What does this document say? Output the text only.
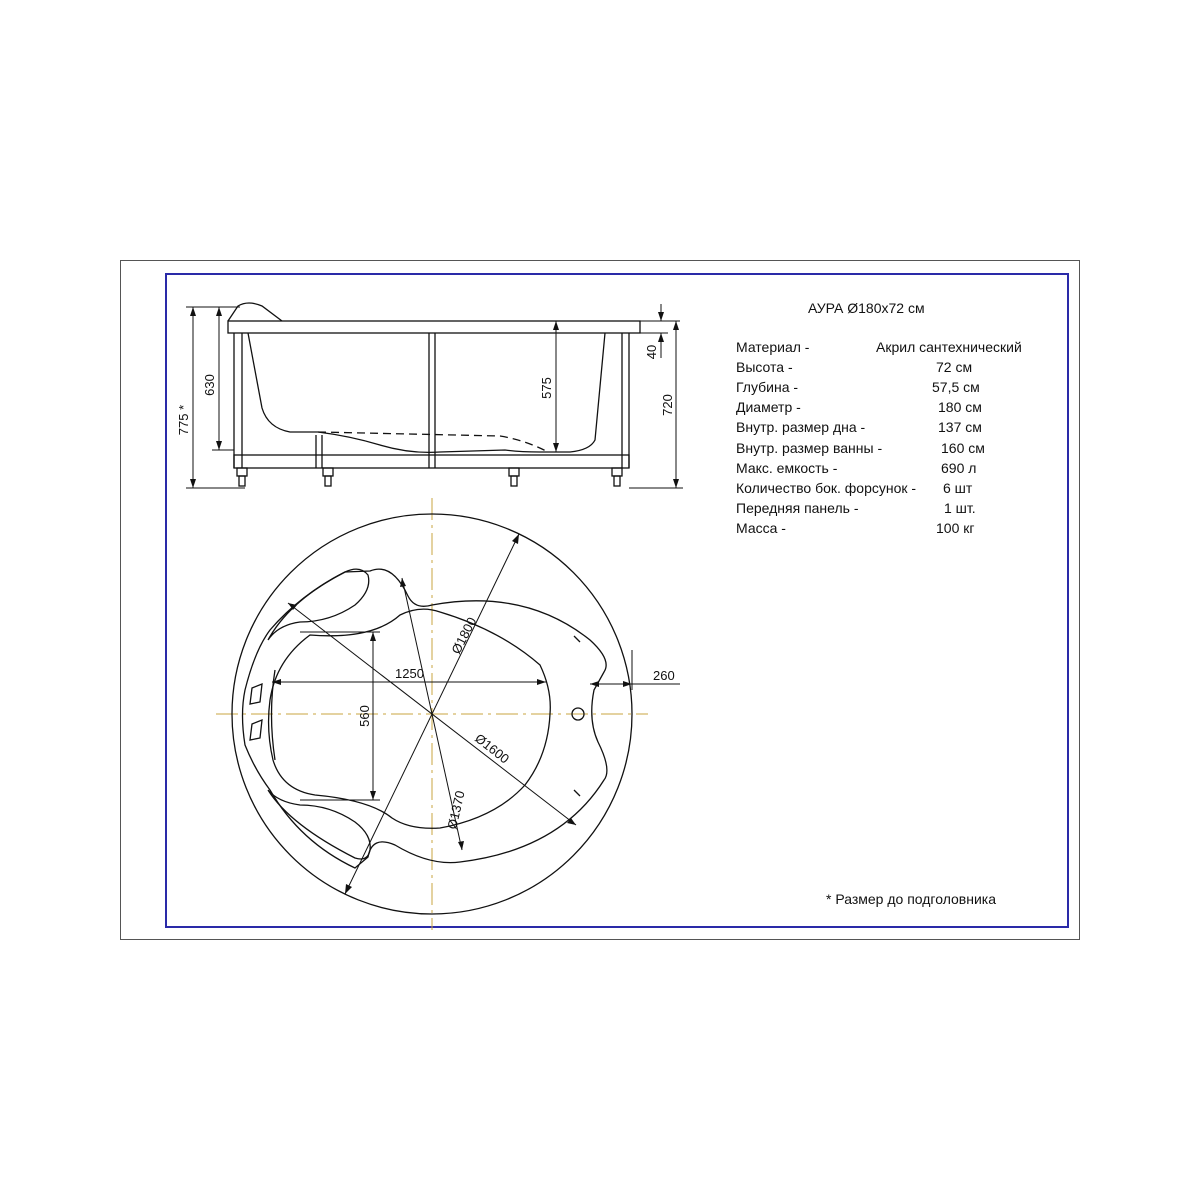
775 *
630	575
40
720
1250
560
260
Ø1800
Ø1600
Ø1370
АУРА Ø180x72 см
Материал -	Акрил сантехнический
Высота -	72 см
Глубина -	57,5 см
Диаметр -	180 см
Внутр. размер дна -	137 см
Внутр. размер ванны -	160 см
Макс. емкость -	690 л
Количество бок. форсунок - 6 шт
Передняя панель -	1 шт.
Масса -	100 кг
* Размер до подголовника
